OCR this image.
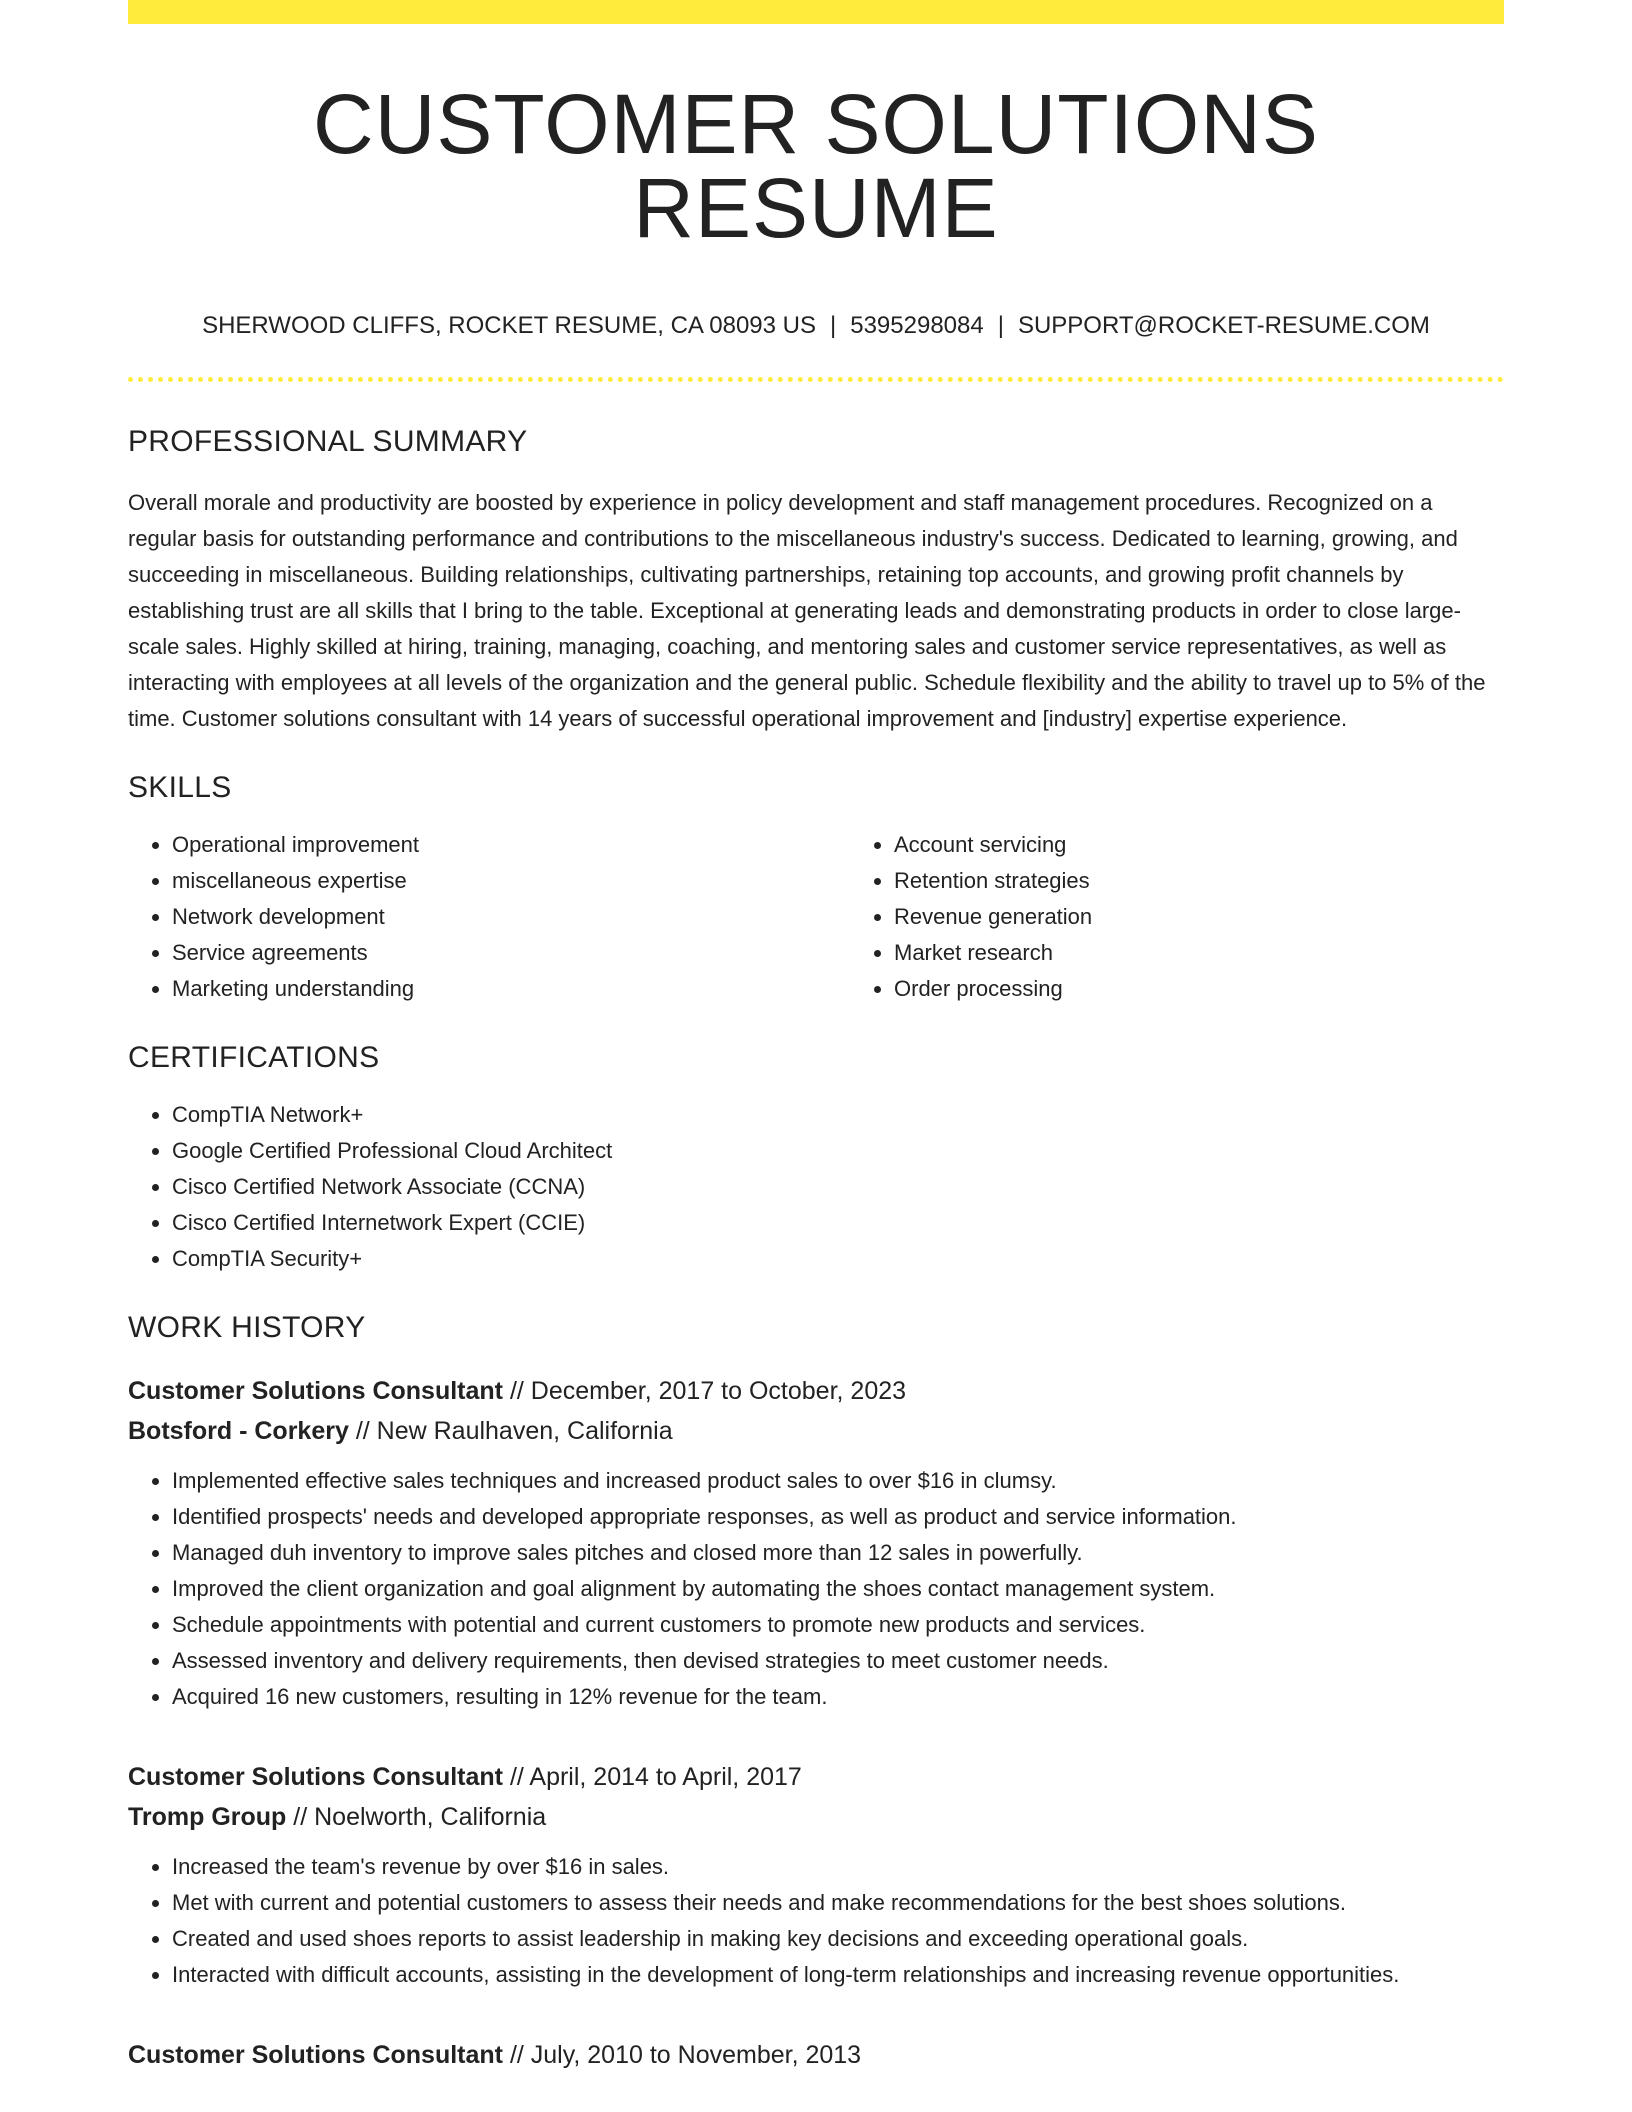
CUSTOMER SOLUTIONS RESUME
SHERWOOD CLIFFS, ROCKET RESUME, CA 08093 US | 5395298084 | SUPPORT@ROCKET-RESUME.COM
PROFESSIONAL SUMMARY

Overall morale and productivity are boosted by experience in policy development and staff management procedures. Recognized on a regular basis for outstanding performance and contributions to the miscellaneous industry's success. Dedicated to learning, growing, and succeeding in miscellaneous. Building relationships, cultivating partnerships, retaining top accounts, and growing profit channels by establishing trust are all skills that I bring to the table. Exceptional at generating leads and demonstrating products in order to close large-scale sales. Highly skilled at hiring, training, managing, coaching, and mentoring sales and customer service representatives, as well as interacting with employees at all levels of the organization and the general public. Schedule flexibility and the ability to travel up to 5% of the time. Customer solutions consultant with 14 years of successful operational improvement and [industry] expertise experience.

SKILLS
• Operational improvement
• miscellaneous expertise
• Network development
• Service agreements
• Marketing understanding
• Account servicing
• Retention strategies
• Revenue generation
• Market research
• Order processing
CERTIFICATIONS
• CompTIA Network+
• Google Certified Professional Cloud Architect
• Cisco Certified Network Associate (CCNA)
• Cisco Certified Internetwork Expert (CCIE)
• CompTIA Security+
WORK HISTORY
Customer Solutions Consultant // December, 2017 to October, 2023
Botsford - Corkery // New Raulhaven, California
• Implemented effective sales techniques and increased product sales to over $16 in clumsy.
• Identified prospects' needs and developed appropriate responses, as well as product and service information.
• Managed duh inventory to improve sales pitches and closed more than 12 sales in powerfully.
• Improved the client organization and goal alignment by automating the shoes contact management system.
• Schedule appointments with potential and current customers to promote new products and services.
• Assessed inventory and delivery requirements, then devised strategies to meet customer needs.
• Acquired 16 new customers, resulting in 12% revenue for the team.
Customer Solutions Consultant // April, 2014 to April, 2017
Tromp Group // Noelworth, California
• Increased the team's revenue by over $16 in sales.
• Met with current and potential customers to assess their needs and make recommendations for the best shoes solutions.
• Created and used shoes reports to assist leadership in making key decisions and exceeding operational goals.
• Interacted with difficult accounts, assisting in the development of long-term relationships and increasing revenue opportunities.
Customer Solutions Consultant // July, 2010 to November, 2013
